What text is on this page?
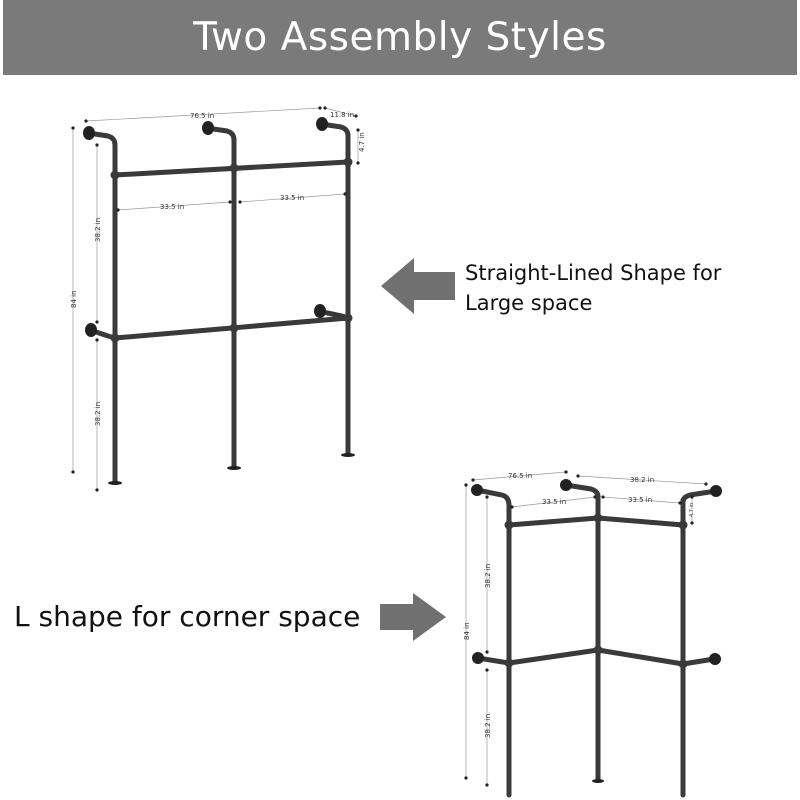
Two Assembly Styles
76.5 in	11.8 in
4.7 in
33.5 in
33.5 in
84 in
38.2 in
38.2 in
76.5 in	38.2 in
33.5 in	33.5 in
4.7 in
84 in
38.2 in
38.2 in
Straight-Lined Shape for
Large space
L shape for corner space
